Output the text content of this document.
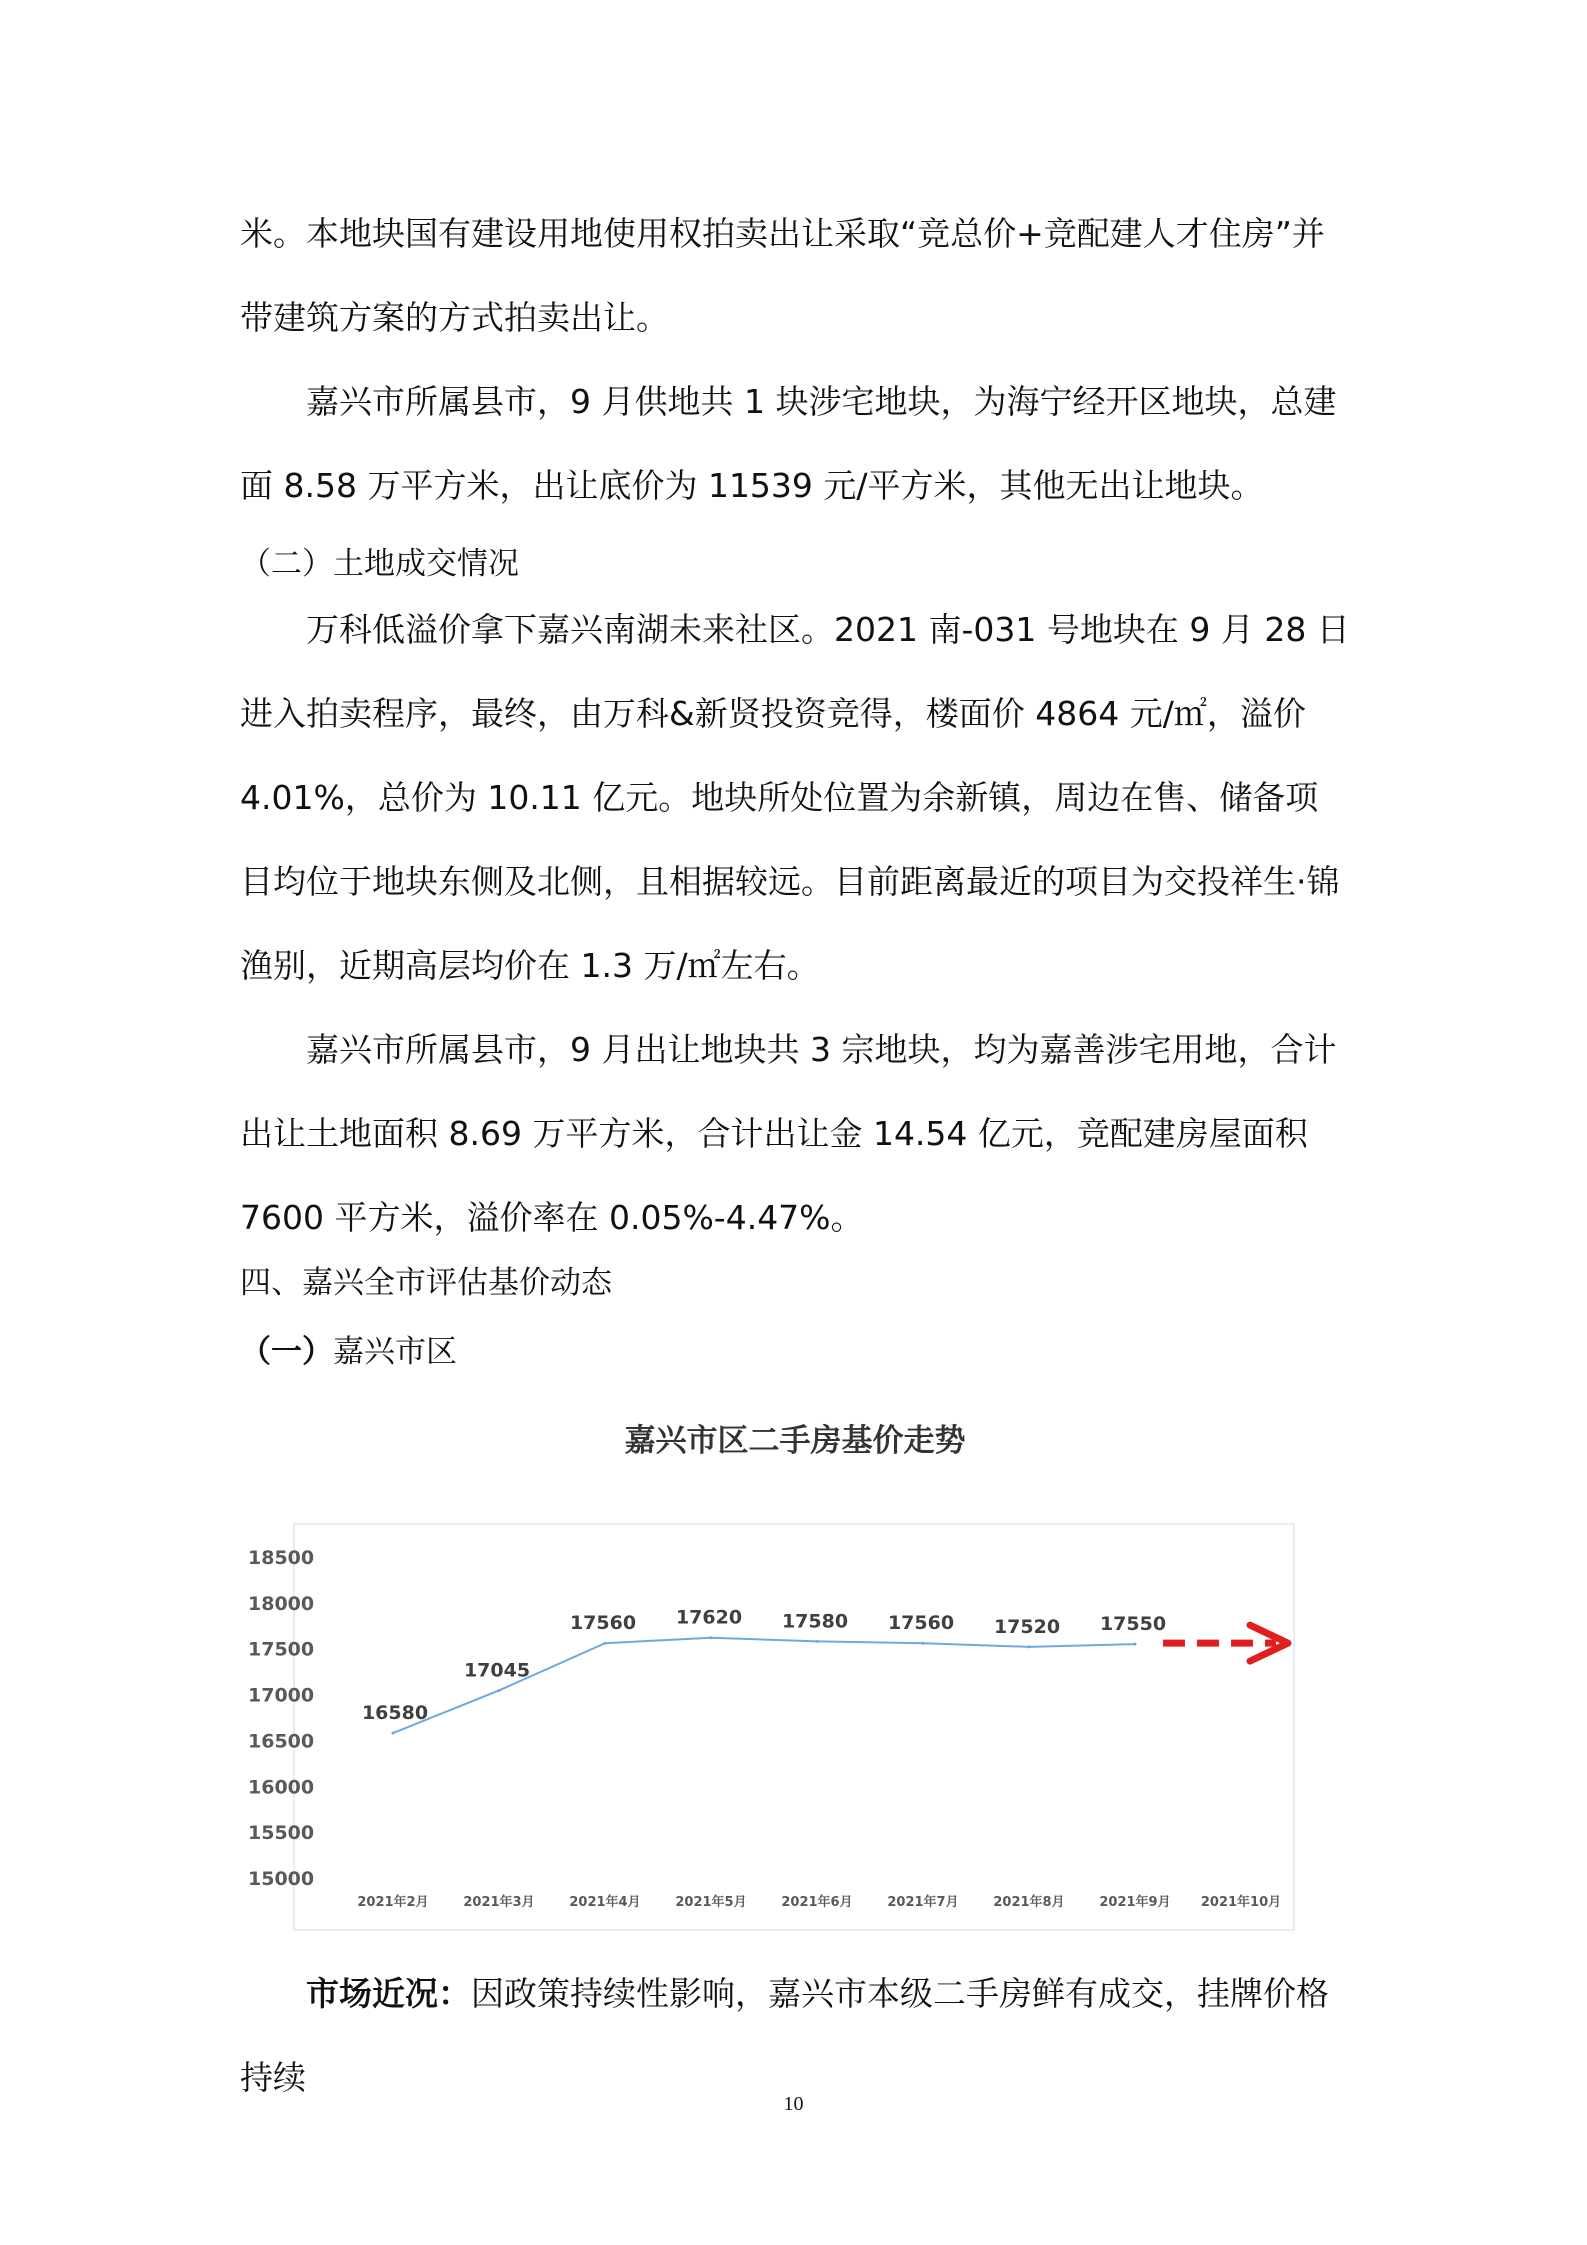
米。本地块国有建设用地使用权拍卖出让采取“竞总价+竞配建人才住房”并带建筑方案的方式拍卖出让。

嘉兴市所属县市，9 月供地共 1 块涉宅地块，为海宁经开区地块，总建面 8.58 万平方米，出让底价为 11539 元/平方米，其他无出让地块。

（二）土地成交情况

万科低溢价拿下嘉兴南湖未来社区。2021 南-031 号地块在 9 月 28 日进入拍卖程序，最终，由万科&新贤投资竞得，楼面价 4864 元/㎡，溢价 4.01%，总价为 10.11 亿元。地块所处位置为余新镇，周边在售、储备项目均位于地块东侧及北侧，且相据较远。目前距离最近的项目为交投祥生·锦渔别，近期高层均价在 1.3 万/㎡左右。

嘉兴市所属县市，9 月出让地块共 3 宗地块，均为嘉善涉宅用地，合计出让土地面积 8.69 万平方米，合计出让金 14.54 亿元，竞配建房屋面积 7600 平方米，溢价率在 0.05%-4.47%。

四、嘉兴全市评估基价动态

（一）嘉兴市区

嘉兴市区二手房基价走势
15000
15500
16000
16500
17000
17500
18000
18500
2021年2月	2021年3月	2021年4月	2021年5月	2021年6月	2021年7月	2021年8月	2021年9月 2021年10月
16580
17045
17560 17620 17580 17560 17520 17550

市场近况：因政策持续性影响，嘉兴市本级二手房鲜有成交，挂牌价格持续

10
